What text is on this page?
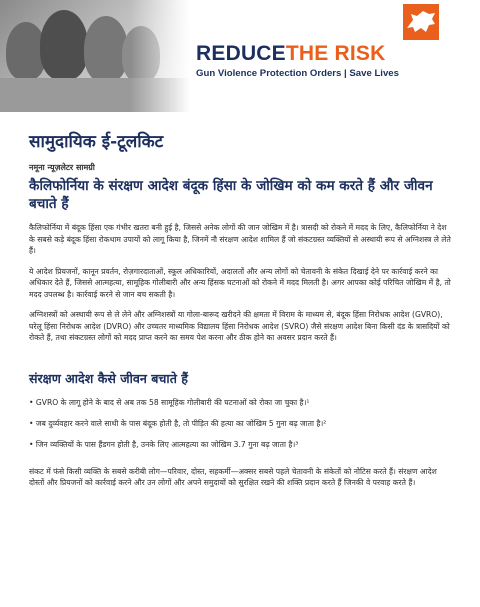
REDUCETHE RISK
Gun Violence Protection Orders | Save Lives
सामुदायिक ई-टूलकिट
नमूना न्यूज़लेटर सामग्री
कैलिफोर्निया के संरक्षण आदेश बंदूक हिंसा के जोखिम को कम करते हैं और जीवन बचाते हैं

कैलिफोर्निया में बंदूक हिंसा एक गंभीर खतरा बनी हुई है, जिससे अनेक लोगों की जान जोखिम में है। त्रासदी को रोकने में मदद के लिए, कैलिफोर्निया ने देश के सबसे कड़े बंदूक हिंसा रोकथाम उपायों को लागू किया है, जिनमें नौ संरक्षण आदेश शामिल हैं जो संकटग्रस्त व्यक्तियों से अस्थायी रूप से अग्निशस्त्र ले लेते हैं।

ये आदेश प्रियजनों, कानून प्रवर्तन, रोज़गारदाताओं, स्कूल अधिकारियों, अदालतों और अन्य लोगों को चेतावनी के संकेत दिखाई देने पर कार्रवाई करने का अधिकार देते हैं, जिससे आत्महत्या, सामूहिक गोलीबारी और अन्य हिंसक घटनाओं को रोकने में मदद मिलती है। अगर आपका कोई परिचित जोखिम में है, तो मदद उपलब्ध है। कार्रवाई करने से जान बच सकती है।

अग्निशस्त्रों को अस्थायी रूप से ले लेने और अग्निशस्त्रों या गोला-बारूद खरीदने की क्षमता में विराम के माध्यम से, बंदूक हिंसा निरोधक आदेश (GVRO), घरेलू हिंसा निरोधक आदेश (DVRO) और उच्चतर माध्यमिक विद्यालय हिंसा निरोधक आदेश (SVRO) जैसे संरक्षण आदेश बिना किसी दंड के त्रासदियों को रोकते हैं, तथा संकटग्रस्त लोगों को मदद प्राप्त करने का समय पेश करना और ठीक होने का अवसर प्रदान करते हैं।

संरक्षण आदेश कैसे जीवन बचाते हैं
• GVRO के लागू होने के बाद से अब तक 58 सामूहिक गोलीबारी की घटनाओं को रोका जा चुका है।¹
• जब दुर्व्यवहार करने वाले साथी के पास बंदूक होती है, तो पीड़ित की हत्या का जोखिम 5 गुना बढ़ जाता है।²
• जिन व्यक्तियों के पास हैंडगन होती है, उनके लिए आत्महत्या का जोखिम 3.7 गुना बढ़ जाता है।³

संकट में फंसे किसी व्यक्ति के सबसे करीबी लोग—परिवार, दोस्त, सहकर्मी—अक्सर सबसे पहले चेतावनी के संकेतों को नोटिस करते हैं। संरक्षण आदेश दोस्तों और प्रियजनों को कार्रवाई करने और उन लोगों और अपने समुदायों को सुरक्षित रखने की शक्ति प्रदान करते हैं जिनकी वे परवाह करते हैं।
